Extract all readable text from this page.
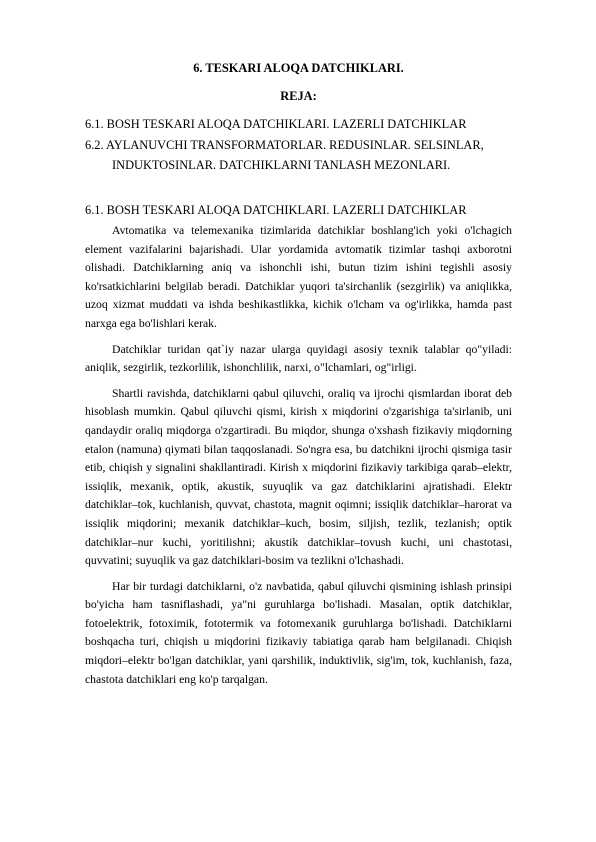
6. TESKARI ALOQA DATCHIKLARI.
REJA:

6.1. BOSH TESKARI ALOQA DATCHIKLARI. LAZERLI DATCHIKLAR

6.2. AYLANUVCHI TRANSFORMATORLAR. REDUSINLAR. SELSINLAR, INDUKTOSINLAR. DATCHIKLARNI TANLASH MEZONLARI.

6.1. BOSH TESKARI ALOQA DATCHIKLARI. LAZERLI DATCHIKLAR

Avtomatika va telemexanika tizimlarida datchiklar boshlang'ich yoki o'lchagich element vazifalarini bajarishadi. Ular yordamida avtomatik tizimlar tashqi axborotni olishadi. Datchiklarning aniq va ishonchli ishi, butun tizim ishini tegishli asosiy ko'rsatkichlarini belgilab beradi. Datchiklar yuqori ta'sirchanlik (sezgirlik) va aniqlikka, uzoq xizmat muddati va ishda beshikastlikka, kichik o'lcham va og'irlikka, hamda past narxga ega bo'lishlari kerak.

Datchiklar turidan qat`iy nazar ularga quyidagi asosiy texnik talablar qo"yiladi: aniqlik, sezgirlik, tezkorlilik, ishonchlilik, narxi, o"lchamlari, og"irligi.

Shartli ravishda, datchiklarni qabul qiluvchi, oraliq va ijrochi qismlardan iborat deb hisoblash mumkin. Qabul qiluvchi qismi, kirish x miqdorini o'zgarishiga ta'sirlanib, uni qandaydir oraliq miqdorga o'zgartiradi. Bu miqdor, shunga o'xshash fizikaviy miqdorning etalon (namuna) qiymati bilan taqqoslanadi. So'ngra esa, bu datchikni ijrochi qismiga tasir etib, chiqish y signalini shakllantiradi. Kirish x miqdorini fizikaviy tarkibiga qarab–elektr, issiqlik, mexanik, optik, akustik, suyuqlik va gaz datchiklarini ajratishadi. Elektr datchiklar–tok, kuchlanish, quvvat, chastota, magnit oqimni; issiqlik datchiklar–harorat va issiqlik miqdorini; mexanik datchiklar–kuch, bosim, siljish, tezlik, tezlanish; optik datchiklar–nur kuchi, yoritilishni; akustik datchiklar–tovush kuchi, uni chastotasi, quvvatini; suyuqlik va gaz datchiklari-bosim va tezlikni o'lchashadi.

Har bir turdagi datchiklarni, o'z navbatida, qabul qiluvchi qismining ishlash prinsipi bo'yicha ham tasniflashadi, ya"ni guruhlarga bo'lishadi. Masalan, optik datchiklar, fotoelektrik, fotoximik, fototermik va fotomexanik guruhlarga bo'lishadi. Datchiklarni boshqacha turi, chiqish u miqdorini fizikaviy tabiatiga qarab ham belgilanadi. Chiqish miqdori–elektr bo'lgan datchiklar, yani qarshilik, induktivlik, sig'im, tok, kuchlanish, faza, chastota datchiklari eng ko'p tarqalgan.
